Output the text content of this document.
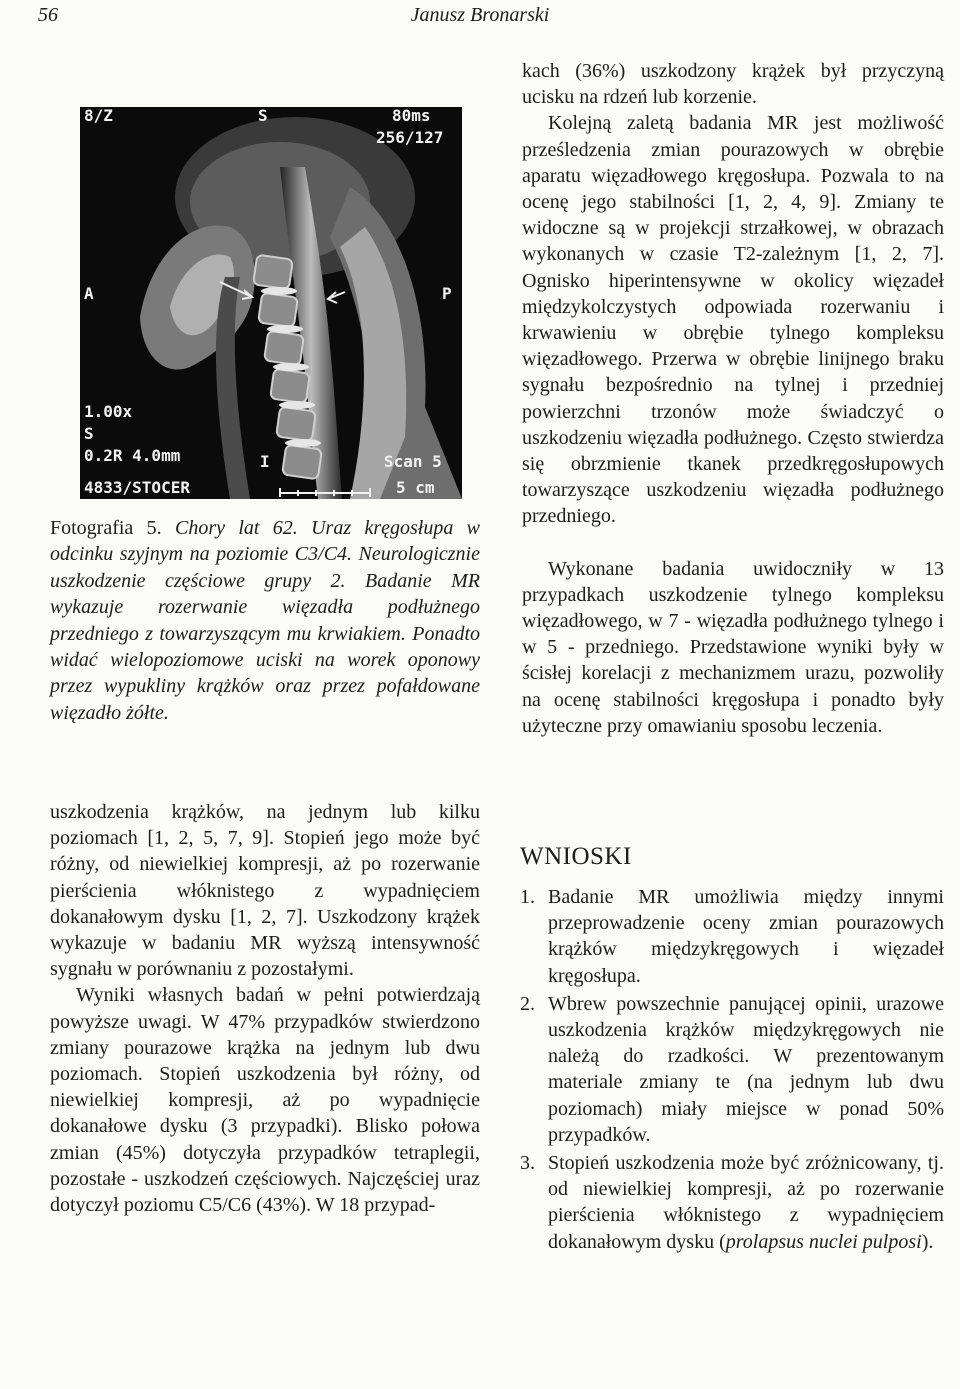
56	Janusz Bronarski
8/Z	S	80ms
256/127
A	P
1.00x
S
0.2R 4.0mm
4833/STOCER
I	Scan 5
5 cm
Fotografia 5. Chory lat 62. Uraz kręgosłupa w odcinku szyjnym na poziomie C3/C4. Neurologicznie uszkodzenie częściowe grupy 2. Badanie MR wykazuje rozerwanie więzadła podłużnego przedniego z towarzyszącym mu krwiakiem. Ponadto widać wielopoziomowe uciski na worek oponowy przez wypukliny krążków oraz przez pofałdowane więzadło żółte.

uszkodzenia krążków, na jednym lub kilku poziomach [1, 2, 5, 7, 9]. Stopień jego może być różny, od niewielkiej kompresji, aż po rozerwanie pierścienia włóknistego z wypadnięciem dokanałowym dysku [1, 2, 7]. Uszkodzony krążek wykazuje w badaniu MR wyższą intensywność sygnału w porównaniu z pozostałymi.

Wyniki własnych badań w pełni potwierdzają powyższe uwagi. W 47% przypadków stwierdzono zmiany pourazowe krążka na jednym lub dwu poziomach. Stopień uszkodzenia był różny, od niewielkiej kompresji, aż po wypadnięcie dokanałowe dysku (3 przypadki). Blisko połowa zmian (45%) dotyczyła przypadków tetraplegii, pozostałe - uszkodzeń częściowych. Najczęściej uraz dotyczył poziomu C5/C6 (43%). W 18 przypad-

kach (36%) uszkodzony krążek był przyczyną ucisku na rdzeń lub korzenie.

Kolejną zaletą badania MR jest możliwość prześledzenia zmian pourazowych w obrębie aparatu więzadłowego kręgosłupa. Pozwala to na ocenę jego stabilności [1, 2, 4, 9]. Zmiany te widoczne są w projekcji strzałkowej, w obrazach wykonanych w czasie T2-zależnym [1, 2, 7]. Ognisko hiperintensywne w okolicy więzadeł międzykolczystych odpowiada rozerwaniu i krwawieniu w obrębie tylnego kompleksu więzadłowego. Przerwa w obrębie linijnego braku sygnału bezpośrednio na tylnej i przedniej powierzchni trzonów może świadczyć o uszkodzeniu więzadła podłużnego. Często stwierdza się obrzmienie tkanek przedkręgosłupowych towarzyszące uszkodzeniu więzadła podłużnego przedniego.

Wykonane badania uwidoczniły w 13 przypadkach uszkodzenie tylnego kompleksu więzadłowego, w 7 - więzadła podłużnego tylnego i w 5 - przedniego. Przedstawione wyniki były w ścisłej korelacji z mechanizmem urazu, pozwoliły na ocenę stabilności kręgosłupa i ponadto były użyteczne przy omawianiu sposobu leczenia.

WNIOSKI
1. Badanie MR umożliwia między innymi przeprowadzenie oceny zmian pourazowych krążków międzykręgowych i więzadeł kręgosłupa.
2. Wbrew powszechnie panującej opinii, urazowe uszkodzenia krążków międzykręgowych nie należą do rzadkości. W prezentowanym materiale zmiany te (na jednym lub dwu poziomach) miały miejsce w ponad 50% przypadków.
3. Stopień uszkodzenia może być zróżnicowany, tj. od niewielkiej kompresji, aż po rozerwanie pierścienia włóknistego z wypadnięciem dokanałowym dysku (prolapsus nuclei pulposi).
